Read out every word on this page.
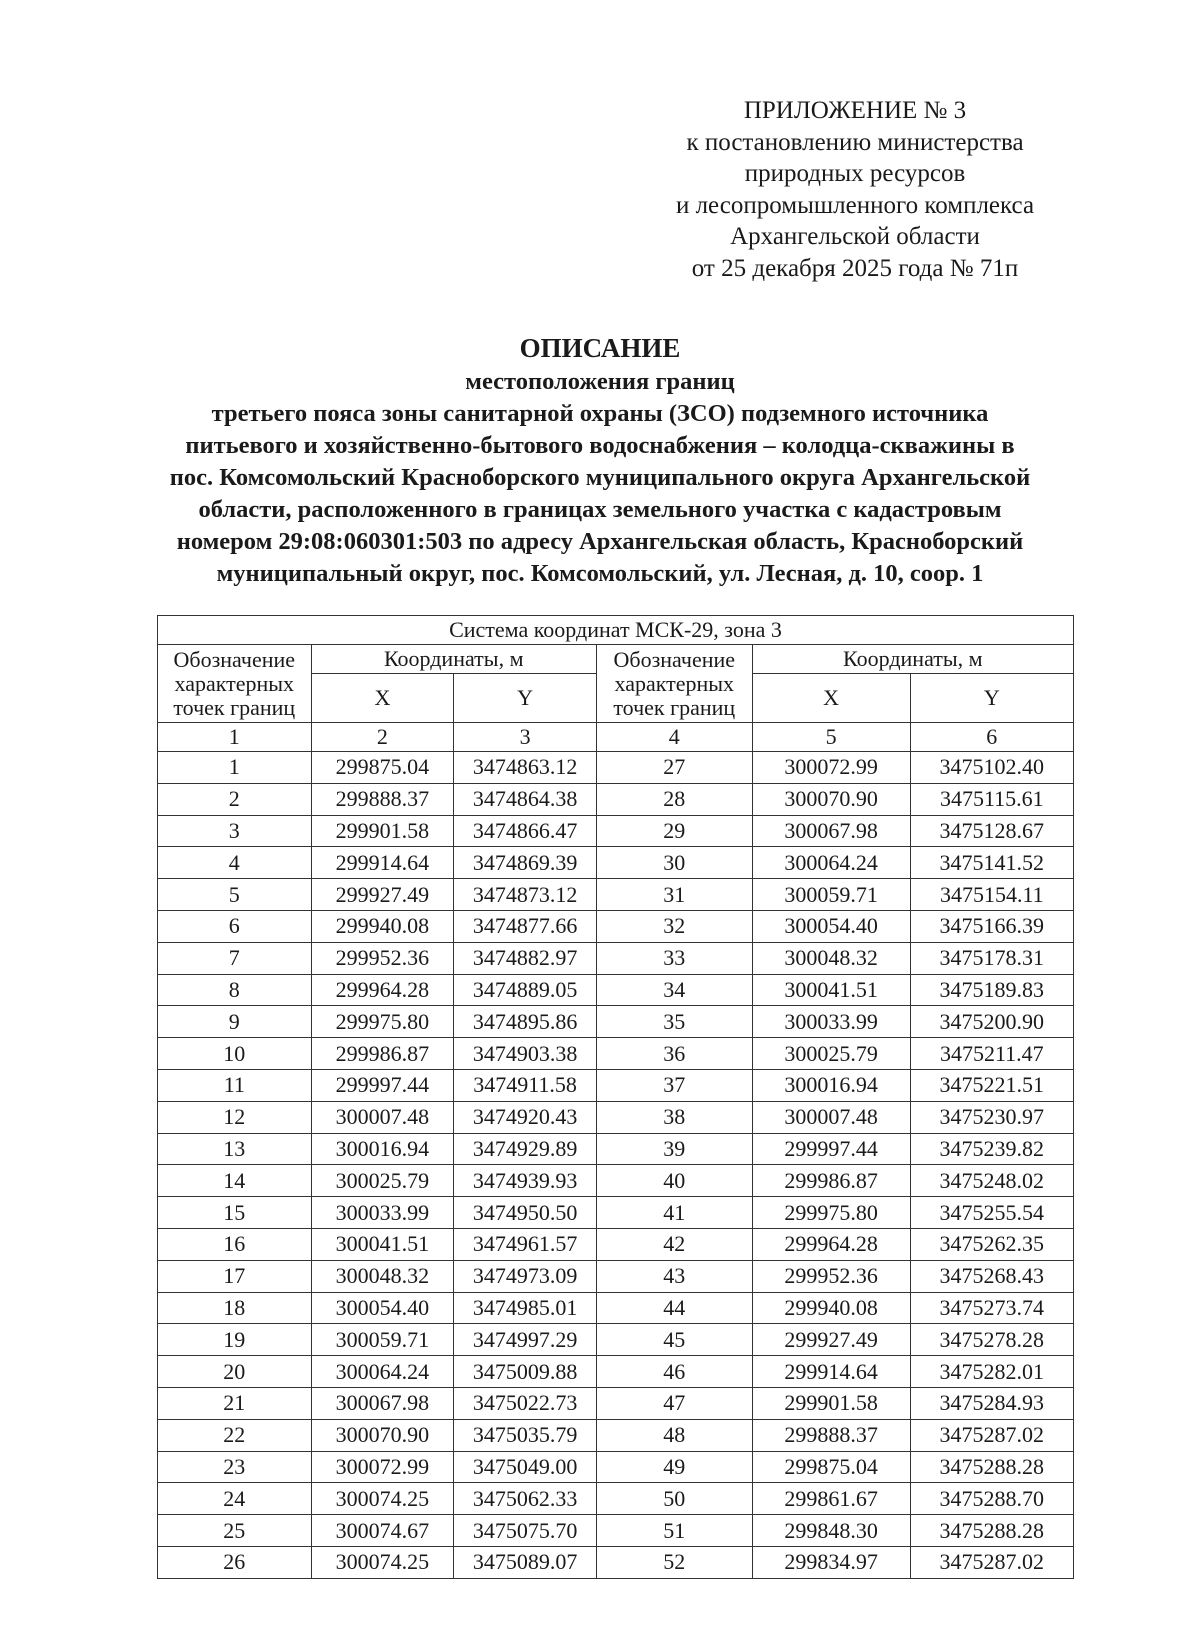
ПРИЛОЖЕНИЕ № 3
к постановлению министерства
природных ресурсов
и лесопромышленного комплекса
Архангельской области
от 25 декабря 2025 года № 71п
ОПИСАНИЕ
местоположения границ
третьего пояса зоны санитарной охраны (ЗСО) подземного источника
питьевого и хозяйственно-бытового водоснабжения – колодца-скважины в
пос. Комсомольский Красноборского муниципального округа Архангельской
области, расположенного в границах земельного участка с кадастровым
номером 29:08:060301:503 по адресу Архангельская область, Красноборский
муниципальный округ, пос. Комсомольский, ул. Лесная, д. 10, соор. 1
Система координат МСК-29, зона 3					
Обозначение характерных точек границ	Координаты, м		Обозначение характерных точек границ	Координаты, м	
	X	Y		X	Y
1	2	3	4	5	6
1	299875.04	3474863.12	27	300072.99	3475102.40
2	299888.37	3474864.38	28	300070.90	3475115.61
3	299901.58	3474866.47	29	300067.98	3475128.67
4	299914.64	3474869.39	30	300064.24	3475141.52
5	299927.49	3474873.12	31	300059.71	3475154.11
6	299940.08	3474877.66	32	300054.40	3475166.39
7	299952.36	3474882.97	33	300048.32	3475178.31
8	299964.28	3474889.05	34	300041.51	3475189.83
9	299975.80	3474895.86	35	300033.99	3475200.90
10	299986.87	3474903.38	36	300025.79	3475211.47
11	299997.44	3474911.58	37	300016.94	3475221.51
12	300007.48	3474920.43	38	300007.48	3475230.97
13	300016.94	3474929.89	39	299997.44	3475239.82
14	300025.79	3474939.93	40	299986.87	3475248.02
15	300033.99	3474950.50	41	299975.80	3475255.54
16	300041.51	3474961.57	42	299964.28	3475262.35
17	300048.32	3474973.09	43	299952.36	3475268.43
18	300054.40	3474985.01	44	299940.08	3475273.74
19	300059.71	3474997.29	45	299927.49	3475278.28
20	300064.24	3475009.88	46	299914.64	3475282.01
21	300067.98	3475022.73	47	299901.58	3475284.93
22	300070.90	3475035.79	48	299888.37	3475287.02
23	300072.99	3475049.00	49	299875.04	3475288.28
24	300074.25	3475062.33	50	299861.67	3475288.70
25	300074.67	3475075.70	51	299848.30	3475288.28
26	300074.25	3475089.07	52	299834.97	3475287.02
